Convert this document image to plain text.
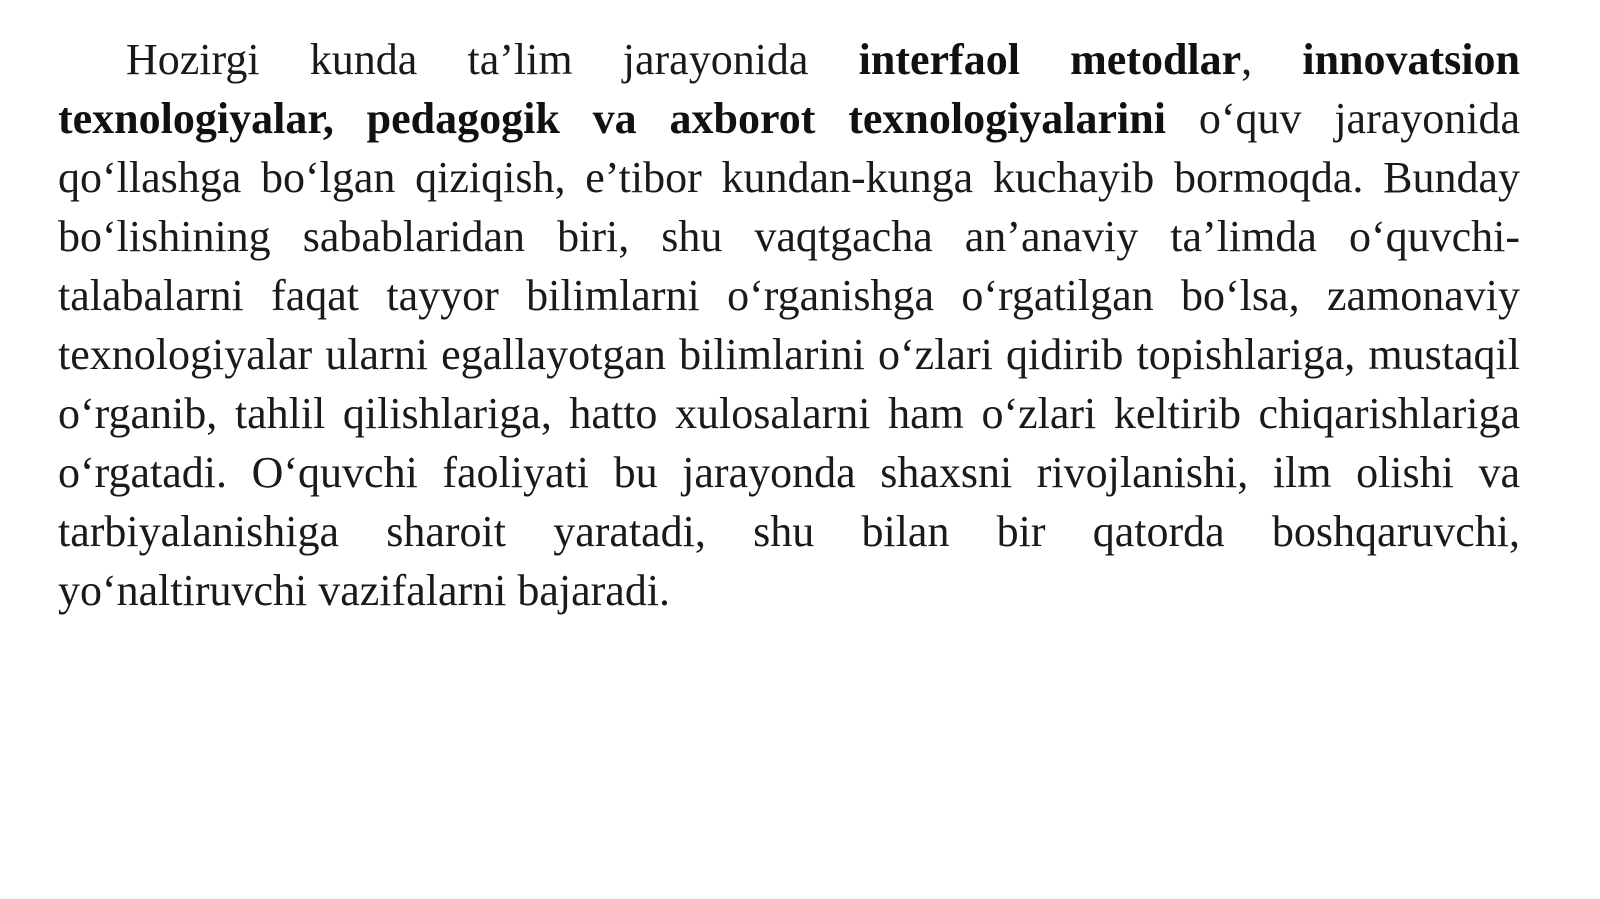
Hozirgi kunda ta’lim jarayonida interfaol metodlar, innovatsion texnologiyalar, pedagogik va axborot texnologiyalarini o‘quv jarayonida qo‘llashga bo‘lgan qiziqish, e’tibor kundan-kunga kuchayib bormoqda. Bunday bo‘lishining sabablaridan biri, shu vaqtgacha an’anaviy ta’limda o‘quvchi-talabalarni faqat tayyor bilimlarni o‘rganishga o‘rgatilgan bo‘lsa, zamonaviy texnologiyalar ularni egallayotgan bilimlarini o‘zlari qidirib topishlariga, mustaqil o‘rganib, tahlil qilishlariga, hatto xulosalarni ham o‘zlari keltirib chiqarishlariga o‘rgatadi. O‘quvchi faoliyati bu jarayonda shaxsni rivojlanishi, ilm olishi va tarbiyalanishiga sharoit yaratadi, shu bilan bir qatorda boshqaruvchi, yo‘naltiruvchi vazifalarni bajaradi.
